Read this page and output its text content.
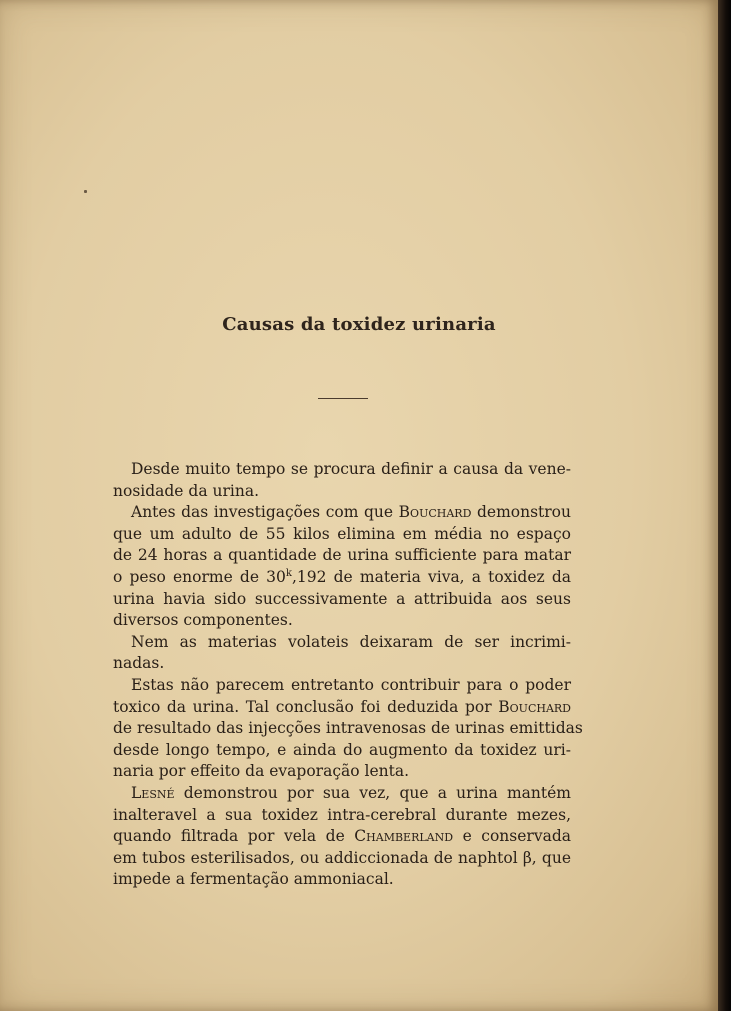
Causas da toxidez urinaria
Desde muito tempo se procura definir a causa da vene-
nosidade da urina.
Antes das investigações com que Bouchard demonstrou
que um adulto de 55 kilos elimina em média no espaço
de 24 horas a quantidade de urina sufficiente para matar
o peso enorme de 30$^k$,192 de materia viva, a toxidez da
urina havia sido successivamente a attribuida aos seus
diversos componentes.
Nem as materias volateis deixaram de ser incrimi-
nadas.
Estas não parecem entretanto contribuir para o poder
toxico da urina. Tal conclusão foi deduzida por Bouchard
de resultado das injecções intravenosas de urinas emittidas
desde longo tempo, e ainda do augmento da toxidez uri-
naria por effeito da evaporação lenta.
Lesné demonstrou por sua vez, que a urina mantém
inalteravel a sua toxidez intra-cerebral durante mezes,
quando filtrada por vela de Chamberland e conservada
em tubos esterilisados, ou addiccionada de naphtol β, que
impede a fermentação ammoniacal.
